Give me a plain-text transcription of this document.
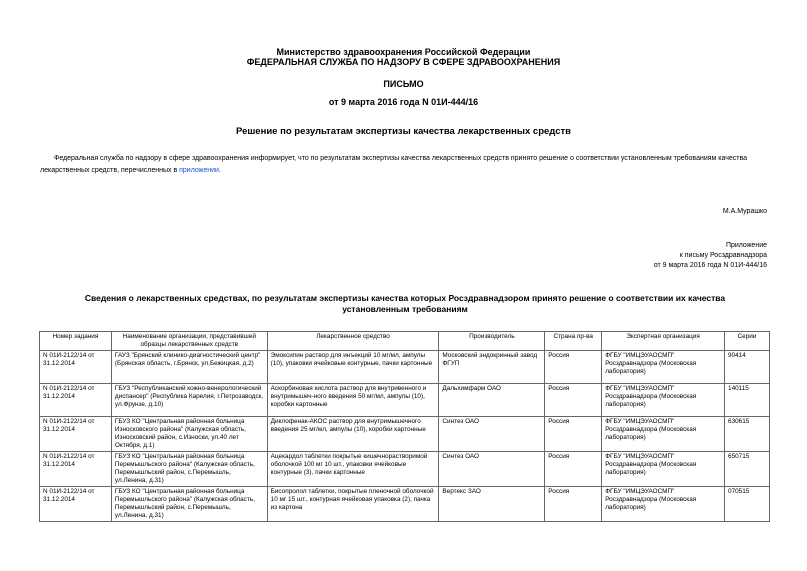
Министерство здравоохранения Российской Федерации
ФЕДЕРАЛЬНАЯ СЛУЖБА ПО НАДЗОРУ В СФЕРЕ ЗДРАВООХРАНЕНИЯ
ПИСЬМО
от 9 марта 2016 года N 01И-444/16
Решение по результатам экспертизы качества лекарственных средств
Федеральная служба по надзору в сфере здравоохранения информирует, что по результатам экспертизы качества лекарственных средств принято решение о соответствии установленным требованиям качества лекарственных средств, перечисленных в приложении.
М.А.Мурашко
Приложение
к письму Росздравнадзора
от 9 марта 2016 года N 01И-444/16
Сведения о лекарственных средствах, по результатам экспертизы качества которых Росздравнадзором принято решение о соответствии их качества установленным требованиям
Номер задания	Наименование организации, представившей образцы лекарственных средств	Лекарственное средство	Производитель	Страна пр-ва	Экспертная организация	Серии
N 01И-2122/14 от 31.12.2014	ГАУЗ "Брянский клинико-диагностический центр"(Брянская область, г.Брянск, ул.Бежицкая, д.2)	Эмоксипин раствор для инъекций 10 мг/мл, ампулы (10), упаковки ячейковые контурные, пачки картонные	Московский эндокринный завод ФГУП	Россия	ФГБУ "ИМЦЭУАОСМП" Росздравнадзора (Московская лаборатория)	90414
N 01И-2122/14 от 31.12.2014	ГБУЗ "Республиканский кожно-венерологический диспансер" (Республика Карелия, г.Петрозаводск, ул.Фрунзе, д.10)	Аскорбиновая кислота раствор для внутривенного и внутримышеч-ного введения 50 мг/мл, ампулы (10), коробки картонные	Дальхимфарм ОАО	Россия	ФГБУ "ИМЦЭУАОСМП" Росздравнадзора (Московская лаборатория)	140115
N 01И-2122/14 от 31.12.2014	ГБУЗ КО "Центральная районная больница Износковского района" (Калужская область, Износковский район, с.Износки, ул.40 лет Октября, д.1)	Диклофенак-АКОС раствор для внутримышечного введения 25 мг/мл, ампулы (10), коробки картонные	Синтез ОАО	Россия	ФГБУ "ИМЦЭУАОСМП" Росздравнадзора (Московская лаборатория)	630615
N 01И-2122/14 от 31.12.2014	ГБУЗ КО "Центральная районная больница Перемышльского района" (Калужская область, Перемышльский район, с.Перемышль, ул.Ленина, д.31)	Ацекардол таблетки покрытые кишечнорастворимой оболочкой 100 мг 10 шт., упаковки ячейковые контурные (3), пачки картонные	Синтез ОАО	Россия	ФГБУ "ИМЦЭУАОСМП" Росздравнадзора (Московская лаборатория)	650715
N 01И-2122/14 от 31.12.2014	ГБУЗ КО "Центральная районная больница Перемышльского района" (Калужская область, Перемышльский район, с.Перемышль, ул.Ленина, д.31)	Бисопролол таблетки, покрытые пленочной оболочкой 10 мг 15 шт., контурная ячейковая упаковка (2), пачка из картона	Вертекс ЗАО	Россия	ФГБУ "ИМЦЭУАОСМП" Росздравнадзора (Московская лаборатория)	070515
